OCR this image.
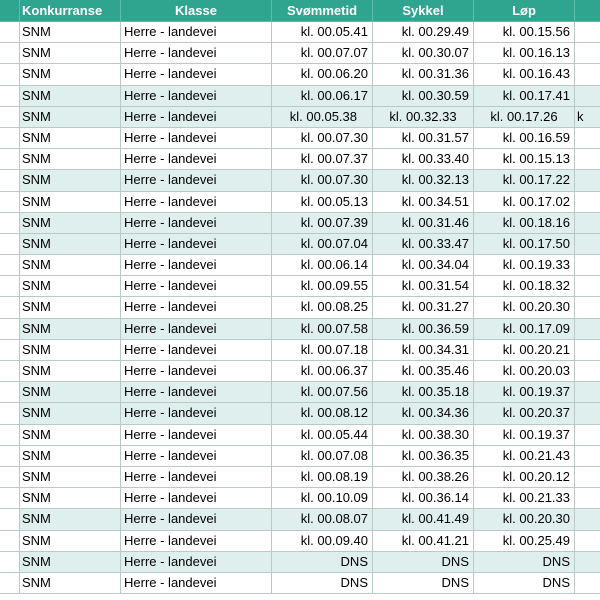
Konkurranse	Klasse	Svømmetid	Sykkel	Løp
SNM	Herre - landevei	kl. 00.05.41	kl. 00.29.49	kl. 00.15.56
SNM	Herre - landevei	kl. 00.07.07	kl. 00.30.07	kl. 00.16.13
SNM	Herre - landevei	kl. 00.06.20	kl. 00.31.36	kl. 00.16.43
SNM	Herre - landevei	kl. 00.06.17	kl. 00.30.59	kl. 00.17.41
SNM	Herre - landevei	kl. 00.05.38	kl. 00.32.33	kl. 00.17.26	k
SNM	Herre - landevei	kl. 00.07.30	kl. 00.31.57	kl. 00.16.59
SNM	Herre - landevei	kl. 00.07.37	kl. 00.33.40	kl. 00.15.13
SNM	Herre - landevei	kl. 00.07.30	kl. 00.32.13	kl. 00.17.22
SNM	Herre - landevei	kl. 00.05.13	kl. 00.34.51	kl. 00.17.02
SNM	Herre - landevei	kl. 00.07.39	kl. 00.31.46	kl. 00.18.16
SNM	Herre - landevei	kl. 00.07.04	kl. 00.33.47	kl. 00.17.50
SNM	Herre - landevei	kl. 00.06.14	kl. 00.34.04	kl. 00.19.33
SNM	Herre - landevei	kl. 00.09.55	kl. 00.31.54	kl. 00.18.32
SNM	Herre - landevei	kl. 00.08.25	kl. 00.31.27	kl. 00.20.30
SNM	Herre - landevei	kl. 00.07.58	kl. 00.36.59	kl. 00.17.09
SNM	Herre - landevei	kl. 00.07.18	kl. 00.34.31	kl. 00.20.21
SNM	Herre - landevei	kl. 00.06.37	kl. 00.35.46	kl. 00.20.03
SNM	Herre - landevei	kl. 00.07.56	kl. 00.35.18	kl. 00.19.37
SNM	Herre - landevei	kl. 00.08.12	kl. 00.34.36	kl. 00.20.37
SNM	Herre - landevei	kl. 00.05.44	kl. 00.38.30	kl. 00.19.37
SNM	Herre - landevei	kl. 00.07.08	kl. 00.36.35	kl. 00.21.43
SNM	Herre - landevei	kl. 00.08.19	kl. 00.38.26	kl. 00.20.12
SNM	Herre - landevei	kl. 00.10.09	kl. 00.36.14	kl. 00.21.33
SNM	Herre - landevei	kl. 00.08.07	kl. 00.41.49	kl. 00.20.30
SNM	Herre - landevei	kl. 00.09.40	kl. 00.41.21	kl. 00.25.49
SNM	Herre - landevei	DNS	DNS	DNS
SNM	Herre - landevei	DNS	DNS	DNS
